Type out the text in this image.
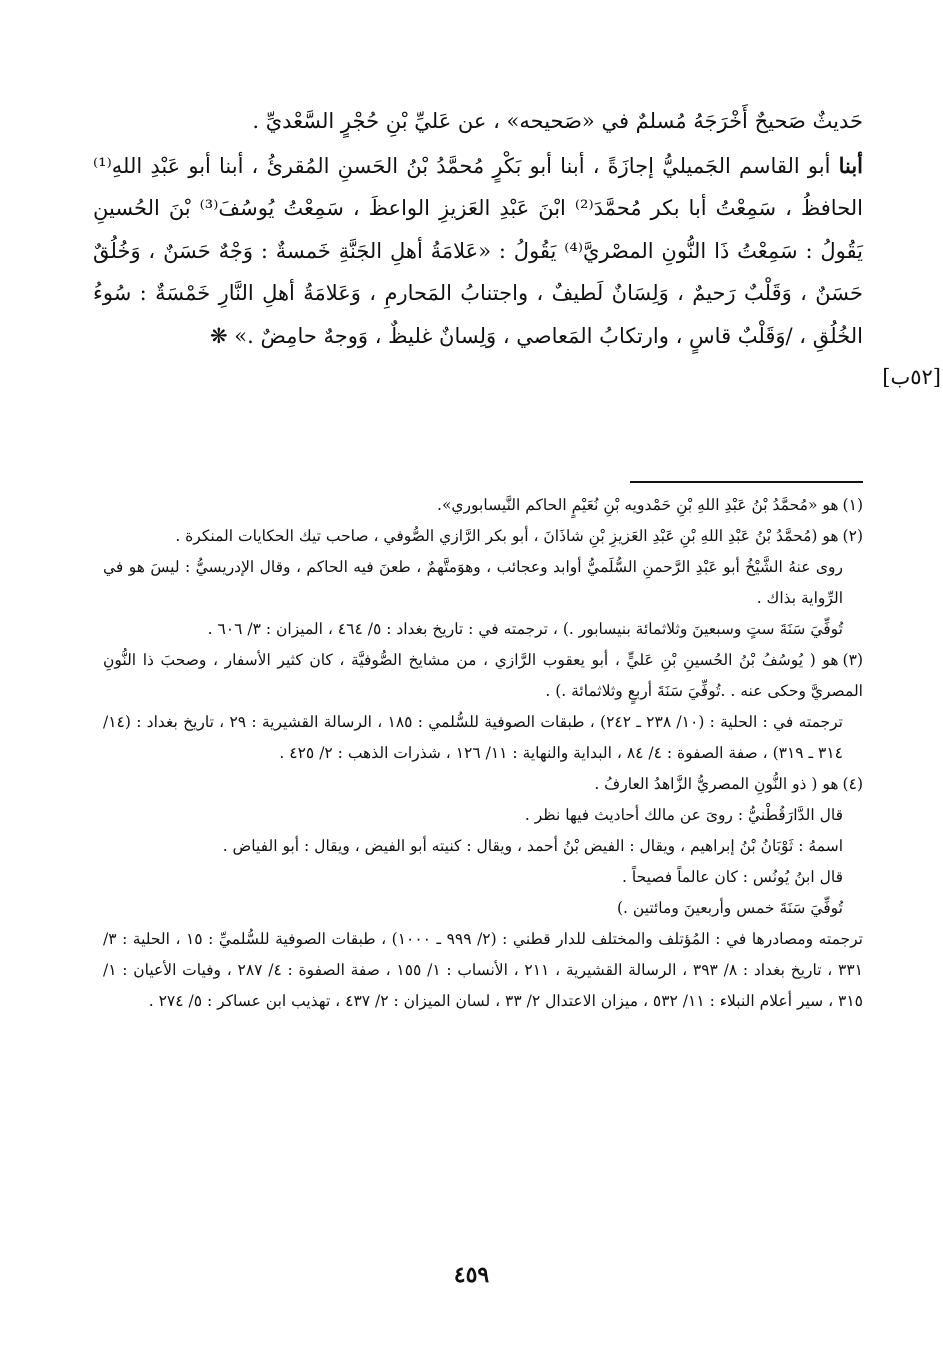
حَديثٌ صَحيحٌ أَخْرَجَهُ مُسلمٌ في «صَحيحه» ، عن عَليِّ بْنِ حُجْرٍ السَّعْديِّ .

أبنا أبو القاسم الجَميليُّ إجازَةً ، أبنا أبو بَكْرٍ مُحمَّدُ بْنُ الحَسنِ المُقرئُ ، أبنا أبو عَبْدِ اللهِ⁽¹⁾ الحافظُ ، سَمِعْتُ أبا بكر مُحمَّدَ⁽²⁾ ابْنَ عَبْدِ العَزيزِ الواعظَ ، سَمِعْتُ يُوسُفَ⁽³⁾ بْنَ الحُسينِ يَقُولُ : سَمِعْتُ ذَا النُّونِ المصْريَّ⁽⁴⁾ يَقُولُ : «عَلامَةُ أهلِ الجَنَّةِ خَمسةٌ : وَجْهٌ حَسَنٌ ، وَخُلُقٌ حَسَنٌ ، وَقَلْبٌ رَحيمٌ ، وَلِسَانٌ لَطيفٌ ، واجتنابُ المَحارمِ ، وَعَلامَةُ أهلِ النَّارِ خَمْسَةٌ : سُوءُ الخُلُقِ ، /وَقَلْبٌ قاسٍ ، وارتكابُ المَعاصي ، وَلِسانٌ غليظٌ ، وَوجهٌ حامِضٌ .» ❋

[٥٢ب]

(١)هو «مُحمَّدُ بْنُ عَبْدِ اللهِ بْنِ حَمْدويه بْنِ نُعَيْمٍ الحاكم النَّيسابوري».

(٢)هو (مُحمَّدُ بْنُ عَبْدِ اللهِ بْنِ عَبْدِ العَزيزِ بْنِ شاذَانَ ، أبو بكر الرَّازي الصُّوفي ، صاحب تيك الحكايات المنكرة .

روى عنهُ الشَّيْخُ أبو عَبْدِ الرَّحمنِ السُّلَميُّ أوابد وعجائب ، وهوَمتَّهمٌ ، طعنَ فيه الحاكم ، وقال الإدريسيُّ : ليسَ هو في الرِّواية بذاك .

تُوفِّيَ سَنَةَ ستٍ وسبعينَ وثلاثمائة بنيسابور .) ، ترجمته في : تاريخ بغداد : ٥/ ٤٦٤ ، الميزان : ٣/ ٦٠٦ .

(٣)هو ( يُوسُفُ بْنُ الحُسينِ بْنِ عَليٍّ ، أبو يعقوب الرَّازي ، من مشايخ الصُّوفيَّة ، كان كثير الأسفار ، وصحبَ ذا النُّونِ المصريَّ وحكى عنه . .تُوفِّيَ سَنَةَ أربعٍ وثلاثمائة .) .

ترجمته في : الحلية : (١٠/ ٢٣٨ ـ ٢٤٢) ، طبقات الصوفية للسُّلمي : ١٨٥ ، الرسالة القشيرية : ٢٩ ، تاريخ بغداد : (١٤/ ٣١٤ ـ ٣١٩) ، صفة الصفوة : ٤/ ٨٤ ، البداية والنهاية : ١١/ ١٢٦ ، شذرات الذهب : ٢/ ٤٢٥ .

(٤)هو ( ذو النُّونِ المصريُّ الزَّاهدُ العارفُ .

قال الدَّارَقُطْنيُّ : روىَ عن مالك أحاديث فيها نظر .

اسمهُ : ثَوْبَانُ بْنُ إبراهيم ، ويقال : الفيض بْنُ أحمد ، ويقال : كنيته أبو الفيض ، ويقال : أبو الفياض .

قال ابنُ يُونُس : كان عالماً فصيحاً .

تُوفِّيَ سَنَةَ خمس وأربعينَ ومائتين .)

ترجمته ومصادرها في : المُؤتلف والمختلف للدار قطني : (٢/ ٩٩٩ ـ ١٠٠٠) ، طبقات الصوفية للسُّلميِّ : ١٥ ، الحلية : ٣/ ٣٣١ ، تاريخ بغداد : ٨/ ٣٩٣ ، الرسالة القشيرية ، ٢١١ ، الأنساب : ١/ ١٥٥ ، صفة الصفوة : ٤/ ٢٨٧ ، وفيات الأعيان : ١/ ٣١٥ ، سير أعلام النبلاء : ١١/ ٥٣٢ ، ميزان الاعتدال ٢/ ٣٣ ، لسان الميزان : ٢/ ٤٣٧ ، تهذيب ابن عساكر : ٥/ ٢٧٤ .

٤٥٩
